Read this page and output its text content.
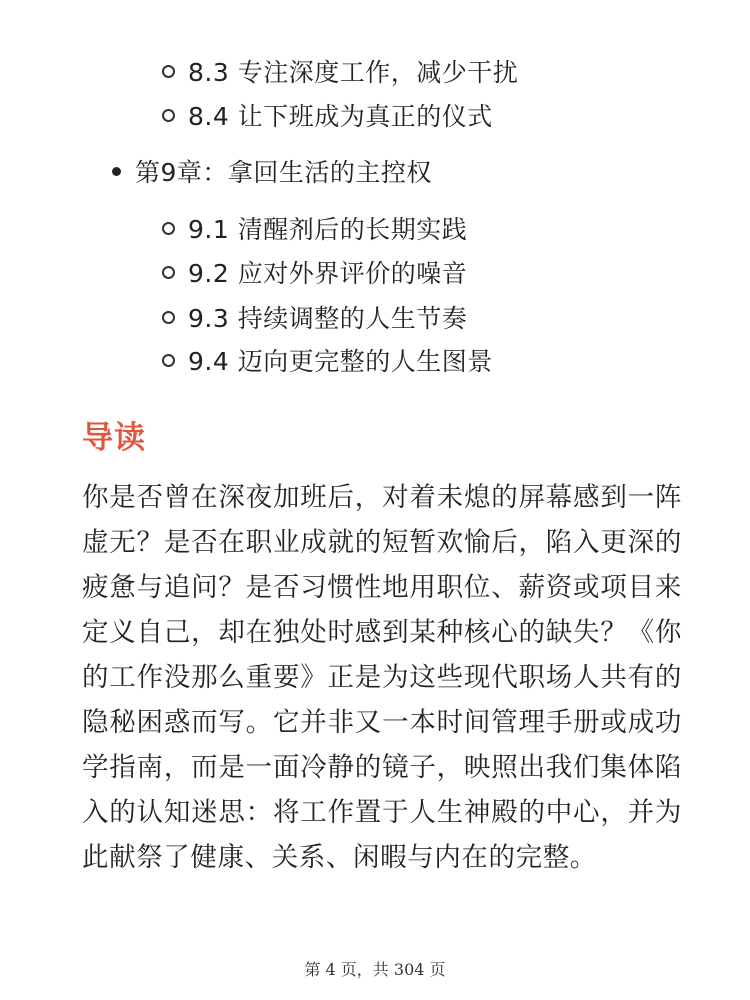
8.3 专注深度工作，减少干扰
8.4 让下班成为真正的仪式
第9章：拿回生活的主控权
9.1 清醒剂后的长期实践
9.2 应对外界评价的噪音
9.3 持续调整的人生节奏
9.4 迈向更完整的人生图景
导读

你是否曾在深夜加班后，对着未熄的屏幕感到一阵虚无？是否在职业成就的短暂欢愉后，陷入更深的疲惫与追问？是否习惯性地用职位、薪资或项目来定义自己，却在独处时感到某种核心的缺失？《你的工作没那么重要》正是为这些现代职场人共有的隐秘困惑而写。它并非又一本时间管理手册或成功学指南，而是一面冷静的镜子，映照出我们集体陷入的认知迷思：将工作置于人生神殿的中心，并为此献祭了健康、关系、闲暇与内在的完整。

第 4 页，共 304 页
